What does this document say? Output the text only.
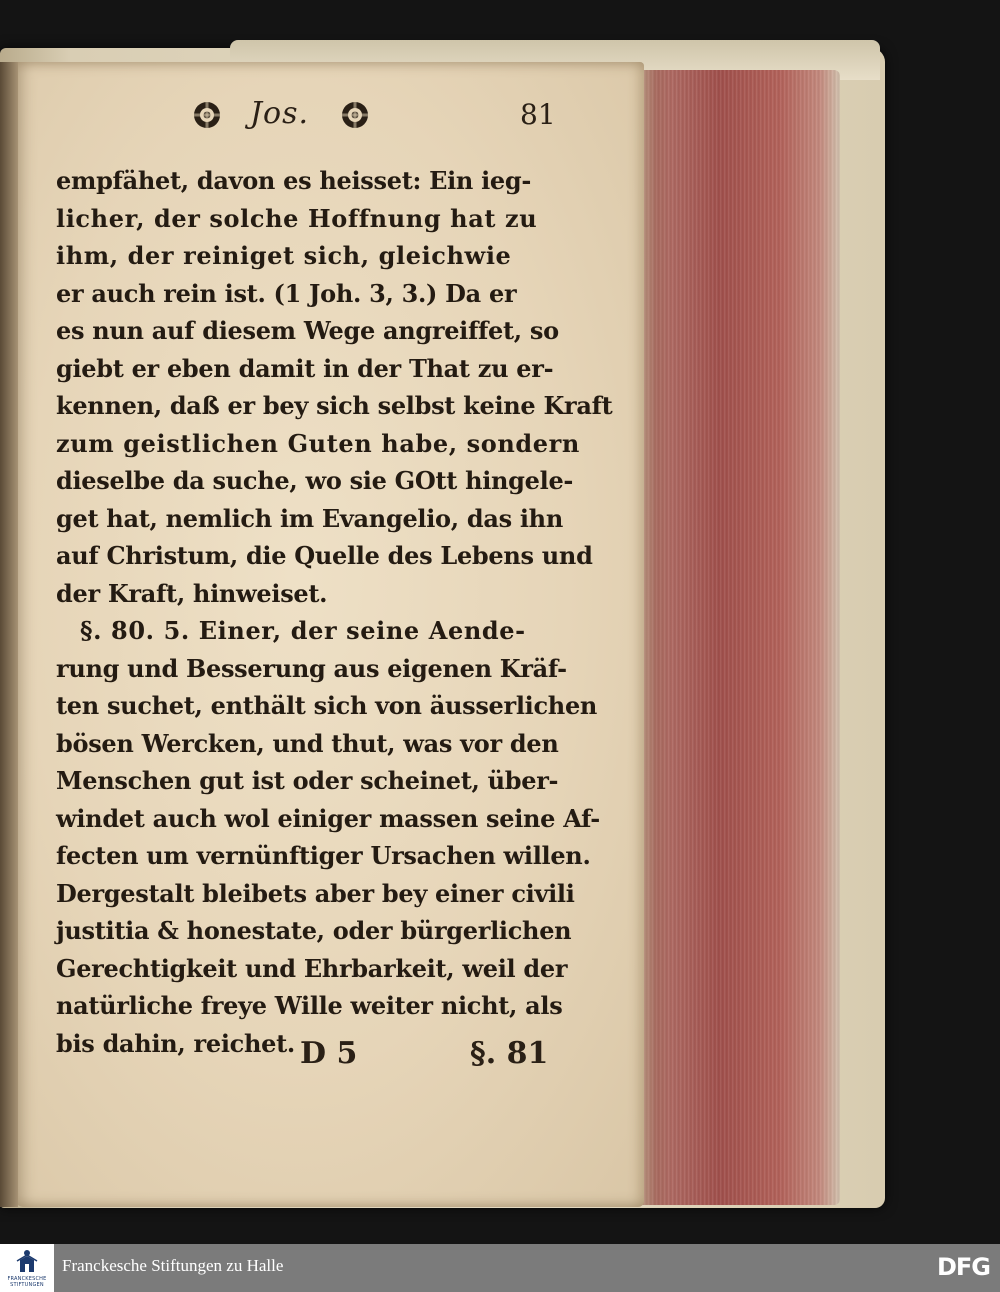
Jos.	81
empfähet, davon es heisset: Ein ieg-
licher, der solche Hoffnung hat zu
ihm, der reiniget sich, gleichwie
er auch rein ist. (1 Joh. 3, 3.) Da er
es nun auf diesem Wege angreiffet, so
giebt er eben damit in der That zu er-
kennen, daß er bey sich selbst keine Kraft
zum geistlichen Guten habe, sondern
dieselbe da suche, wo sie GOtt hingele-
get hat, nemlich im Evangelio, das ihn
auf Christum, die Quelle des Lebens und
der Kraft, hinweiset.
§. 80. 5. Einer, der seine Aende-
rung und Besserung aus eigenen Kräf-
ten suchet, enthält sich von äusserlichen
bösen Wercken, und thut, was vor den
Menschen gut ist oder scheinet, über-
windet auch wol einiger massen seine Af-
fecten um vernünftiger Ursachen willen.
Dergestalt bleibets aber bey einer civili
justitia & honestate, oder bürgerlichen
Gerechtigkeit und Ehrbarkeit, weil der
natürliche freye Wille weiter nicht, als
bis dahin, reichet. D 5	§. 81
FRANCKESCHE STIFTUNGEN
Franckesche Stiftungen zu Halle	DFG
